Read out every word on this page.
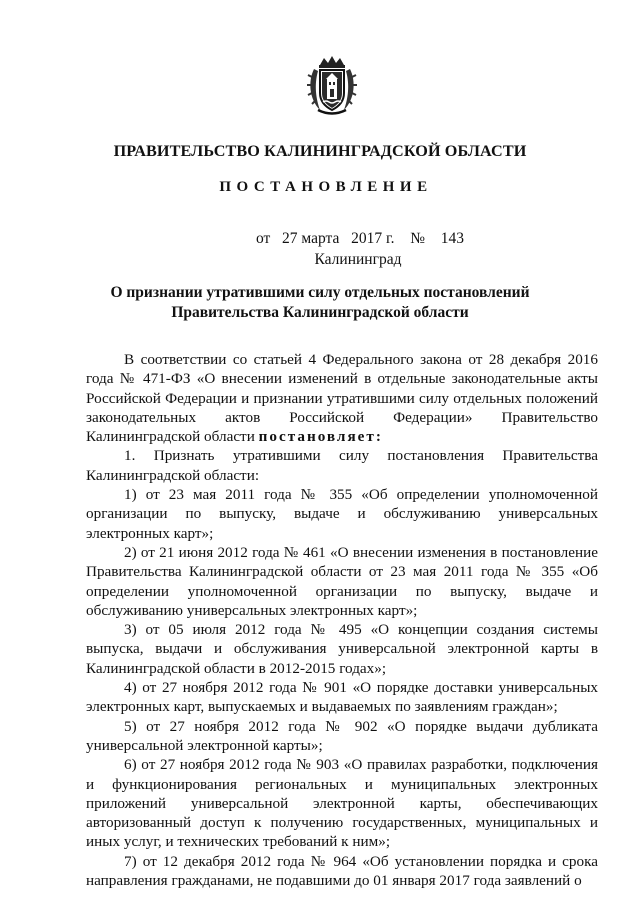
ПРАВИТЕЛЬСТВО КАЛИНИНГРАДСКОЙ ОБЛАСТИ
ПОСТАНОВЛЕНИЕ
от 27 марта 2017 г. № 143
Калининград
О признании утратившими силу отдельных постановлений
Правительства Калининградской области

В соответствии со статьей 4 Федерального закона от 28 декабря 2016 года № 471-ФЗ «О внесении изменений в отдельные законодательные акты Российской Федерации и признании утратившими силу отдельных положений законодательных актов Российской Федерации» Правительство Калининградской области постановляет:

1. Признать утратившими силу постановления Правительства Калининградской области:

1) от 23 мая 2011 года № 355 «Об определении уполномоченной организации по выпуску, выдаче и обслуживанию универсальных электронных карт»;

2) от 21 июня 2012 года № 461 «О внесении изменения в постановление Правительства Калининградской области от 23 мая 2011 года № 355 «Об определении уполномоченной организации по выпуску, выдаче и обслуживанию универсальных электронных карт»;

3) от 05 июля 2012 года № 495 «О концепции создания системы выпуска, выдачи и обслуживания универсальной электронной карты в Калининградской области в 2012-2015 годах»;

4) от 27 ноября 2012 года № 901 «О порядке доставки универсальных электронных карт, выпускаемых и выдаваемых по заявлениям граждан»;

5) от 27 ноября 2012 года № 902 «О порядке выдачи дубликата универсальной электронной карты»;

6) от 27 ноября 2012 года № 903 «О правилах разработки, подключения и функционирования региональных и муниципальных электронных приложений универсальной электронной карты, обеспечивающих авторизованный доступ к получению государственных, муниципальных и иных услуг, и технических требований к ним»;

7) от 12 декабря 2012 года № 964 «Об установлении порядка и срока направления гражданами, не подавшими до 01 января 2017 года заявлений о
